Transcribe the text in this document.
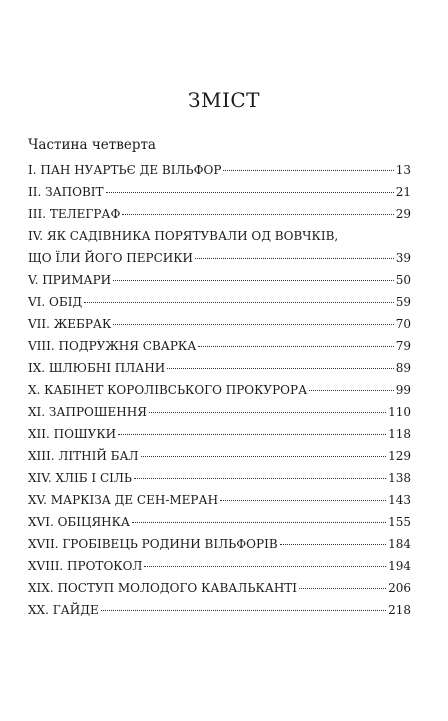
ЗМІСТ
Частина четверта
І. ПАН НУАРТЬЄ ДЕ ВІЛЬФОР	13
ІІ. ЗАПОВІТ	21
III. ТЕЛЕГРАФ	29
IV. ЯК САДІВНИКА ПОРЯТУВАЛИ ОД ВОВЧКІВ,
ЩО ЇЛИ ЙОГО ПЕРСИКИ	39
V. ПРИМАРИ	50
VI. ОБІД	59
VII. ЖЕБРАК	70
VIII. ПОДРУЖНЯ СВАРКА	79
IX. ШЛЮБНІ ПЛАНИ	89
X. КАБІНЕТ КОРОЛІВСЬКОГО ПРОКУРОРА	99
XI. ЗАПРОШЕННЯ	110
XII. ПОШУКИ	118
XIII. ЛІТНІЙ БАЛ	129
XIV. ХЛІБ І СІЛЬ	138
XV. МАРКІЗА ДЕ СЕН-МЕРАН	143
XVI. ОБІЦЯНКА	155
XVII. ГРОБІВЕЦЬ РОДИНИ ВІЛЬФОРІВ	184
XVIII. ПРОТОКОЛ	194
XIX. ПОСТУП МОЛОДОГО КАВАЛЬКАНТІ	206
XX. ГАЙДЕ	218
